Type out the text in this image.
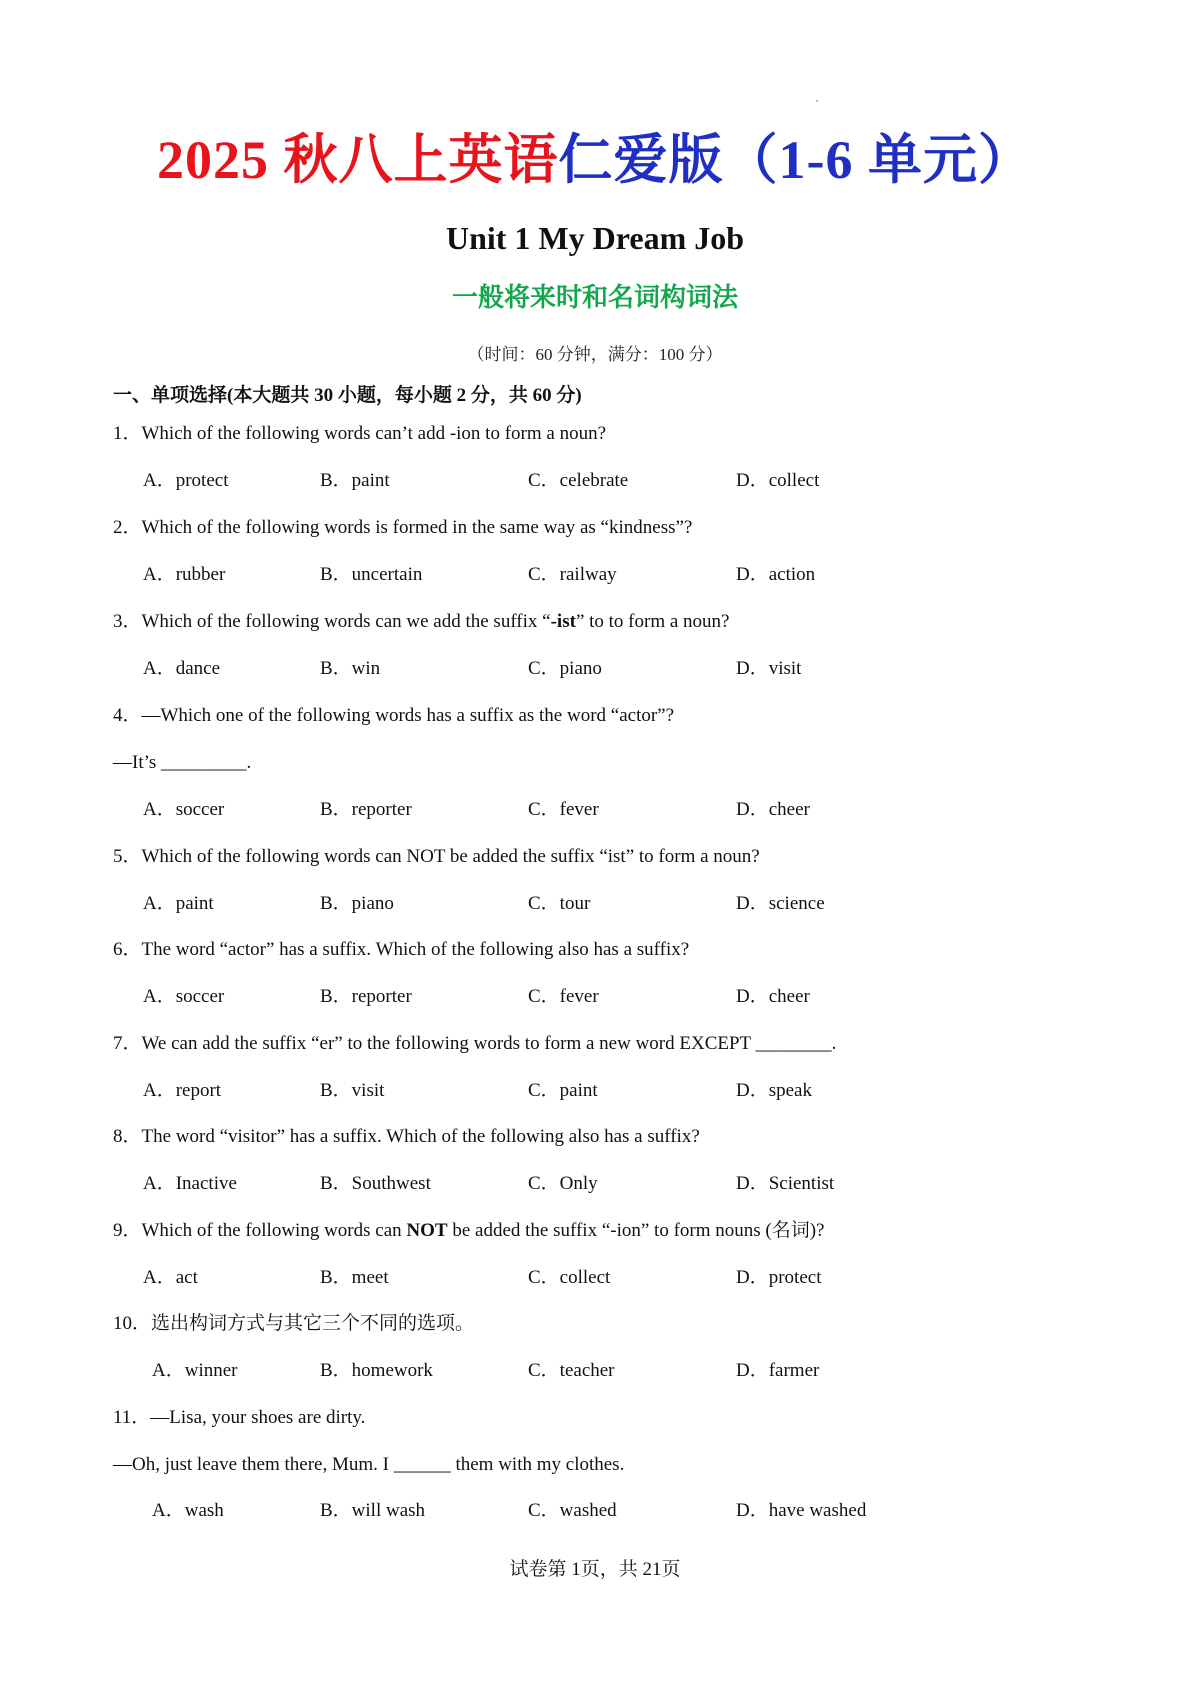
2025 秋八上英语仁爱版（1-6 单元）
Unit 1 My Dream Job
一般将来时和名词构词法
（时间：60 分钟，满分：100 分）
一、单项选择(本大题共 30 小题，每小题 2 分，共 60 分)
1．Which of the following words can’t add -ion to form a noun?
A．protect	B．paint	C．celebrate	D．collect
2．Which of the following words is formed in the same way as “kindness”?
A．rubber	B．uncertain	C．railway	D．action
3．Which of the following words can we add the suffix “-ist” to to form a noun?
A．dance	B．win	C．piano	D．visit
4．—Which one of the following words has a suffix as the word “actor”?
—It’s _________.
A．soccer	B．reporter	C．fever	D．cheer
5．Which of the following words can NOT be added the suffix “ist” to form a noun?
A．paint	B．piano	C．tour	D．science
6．The word “actor” has a suffix. Which of the following also has a suffix?
A．soccer	B．reporter	C．fever	D．cheer
7．We can add the suffix “er” to the following words to form a new word EXCEPT ________.
A．report	B．visit	C．paint	D．speak
8．The word “visitor” has a suffix. Which of the following also has a suffix?
A．Inactive	B．Southwest	C．Only	D．Scientist
9．Which of the following words can NOT be added the suffix “-ion” to form nouns (名词)?
A．act	B．meet	C．collect	D．protect
10．选出构词方式与其它三个不同的选项。
A．winner	B．homework	C．teacher	D．farmer
11．—Lisa, your shoes are dirty.
—Oh, just leave them there, Mum. I ______ them with my clothes.
A．wash	B．will wash	C．washed	D．have washed
试卷第 1页，共 21页
